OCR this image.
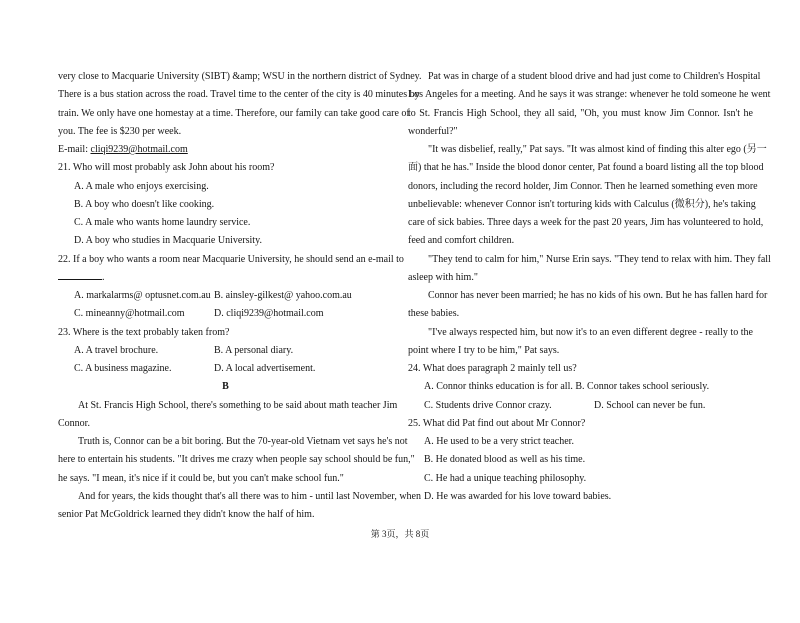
very close to Macquarie University (SIBT) &amp; WSU in the northern district of Sydney.
There is a bus station across the road. Travel time to the center of the city is 40 minutes by
train. We only have one homestay at a time. Therefore, our family can take good care of
you. The fee is $230 per week.
E-mail: cliqi9239@hotmail.com
21. Who will most probably ask John about his room?
A. A male who enjoys exercising.
B. A boy who doesn't like cooking.
C. A male who wants home laundry service.
D. A boy who studies in Macquarie University.
22. If a boy who wants a room near Macquarie University, he should send an e-mail to
.
A. markalarms@ optusnet.com.au B. ainsley-gilkest@ yahoo.com.au
C. mineanny@hotmail.com	D. cliqi9239@hotmail.com
23. Where is the text probably taken from?
A. A travel brochure.	B. A personal diary.
C. A business magazine.	D. A local advertisement.
B
At St. Francis High School, there's something to be said about math teacher Jim
Connor.
Truth is, Connor can be a bit boring. But the 70-year-old Vietnam vet says he's not
here to entertain his students. "It drives me crazy when people say school should be fun,"
he says. "I mean, it's nice if it could be, but you can't make school fun."
And for years, the kids thought that's all there was to him - until last November, when
senior Pat McGoldrick learned they didn't know the half of him.
Pat was in charge of a student blood drive and had just come to Children's Hospital
Los Angeles for a meeting. And he says it was strange: whenever he told someone he went
to St. Francis High School, they all said, "Oh, you must know Jim Connor. Isn't he
wonderful?"
"It was disbelief, really," Pat says. "It was almost kind of finding this alter ego (另一
面) that he has." Inside the blood donor center, Pat found a board listing all the top blood
donors, including the record holder, Jim Connor. Then he learned something even more
unbelievable: whenever Connor isn't torturing kids with Calculus (微积分), he's taking
care of sick babies. Three days a week for the past 20 years, Jim has volunteered to hold,
feed and comfort children.
"They tend to calm for him," Nurse Erin says. "They tend to relax with him. They fall
asleep with him."
Connor has never been married; he has no kids of his own. But he has fallen hard for
these babies.
"I've always respected him, but now it's to an even different degree - really to the
point where I try to be him," Pat says.
24. What does paragraph 2 mainly tell us?
A. Connor thinks education is for all. B. Connor takes school seriously.
C. Students drive Connor crazy.	D. School can never be fun.
25. What did Pat find out about Mr Connor?
A. He used to be a very strict teacher.
B. He donated blood as well as his time.
C. He had a unique teaching philosophy.
D. He was awarded for his love toward babies.
第 3页，共 8页
